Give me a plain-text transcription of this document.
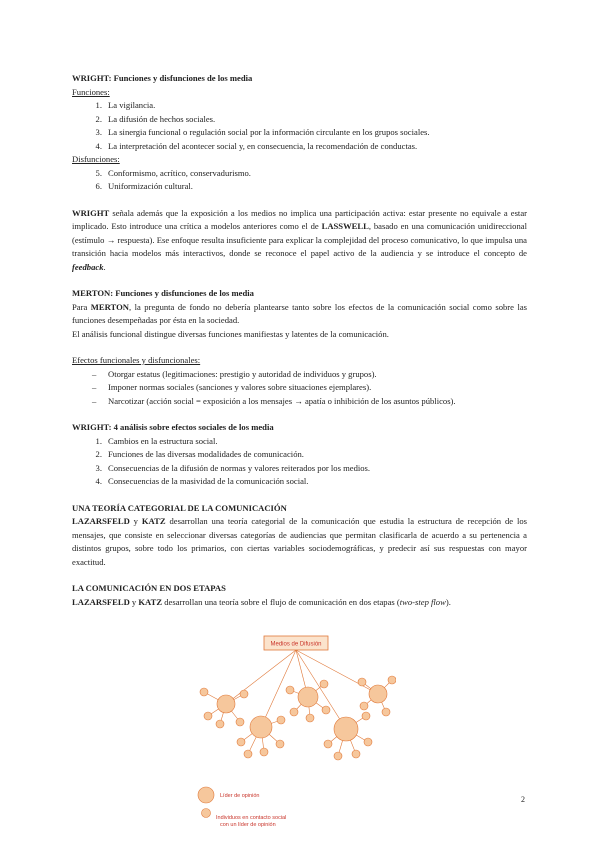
WRIGHT: Funciones y disfunciones de los media

Funciones:

1. La vigilancia.
2. La difusión de hechos sociales.
3. La sinergia funcional o regulación social por la información circulante en los grupos sociales.
4. La interpretación del acontecer social y, en consecuencia, la recomendación de conductas.

Disfunciones:

5. Conformismo, acrítico, conservadurismo.
6. Uniformización cultural.

WRIGHT señala además que la exposición a los medios no implica una participación activa: estar presente no equivale a estar implicado. Esto introduce una crítica a modelos anteriores como el de LASSWELL, basado en una comunicación unidireccional (estímulo → respuesta). Ese enfoque resulta insuficiente para explicar la complejidad del proceso comunicativo, lo que impulsa una transición hacia modelos más interactivos, donde se reconoce el papel activo de la audiencia y se introduce el concepto de feedback.

MERTON: Funciones y disfunciones de los media

Para MERTON, la pregunta de fondo no debería plantearse tanto sobre los efectos de la comunicación social como sobre las funciones desempeñadas por ésta en la sociedad.

El análisis funcional distingue diversas funciones manifiestas y latentes de la comunicación.

Efectos funcionales y disfuncionales:

–	Otorgar estatus (legitimaciones: prestigio y autoridad de individuos y grupos).
–	Imponer normas sociales (sanciones y valores sobre situaciones ejemplares).
–	Narcotizar (acción social = exposición a los mensajes → apatía o inhibición de los asuntos públicos).

WRIGHT: 4 análisis sobre efectos sociales de los media

1. Cambios en la estructura social.
2. Funciones de las diversas modalidades de comunicación.
3. Consecuencias de la difusión de normas y valores reiterados por los medios.
4. Consecuencias de la masividad de la comunicación social.

UNA TEORÍA CATEGORIAL DE LA COMUNICACIÓN

LAZARSFELD y KATZ desarrollan una teoría categorial de la comunicación que estudia la estructura de recepción de los mensajes, que consiste en seleccionar diversas categorías de audiencias que permitan clasificarla de acuerdo a su pertenencia a distintos grupos, sobre todo los primarios, con ciertas variables sociodemográficas, y predecir así sus respuestas con mayor exactitud.

LA COMUNICACIÓN EN DOS ETAPAS

LAZARSFELD y KATZ desarrollan una teoría sobre el flujo de comunicación en dos etapas (two-step flow).

Medios de Difusión
Líder de opinión
Individuos en contacto social
con un líder de opinión
2
